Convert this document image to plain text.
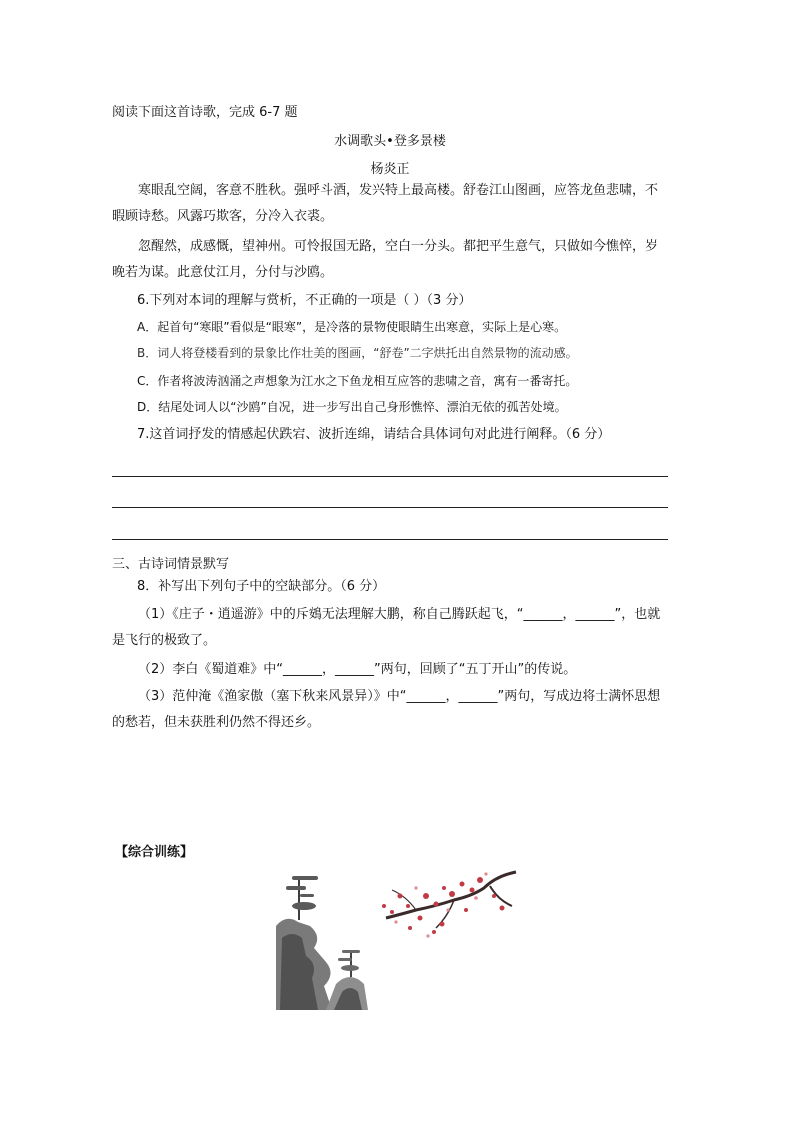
阅读下面这首诗歌，完成 6-7 题
水调歌头•登多景楼
杨炎正
寒眼乱空阔，客意不胜秋。强呼斗酒，发兴特上最高楼。舒卷江山图画，应答龙鱼悲啸，不暇顾诗愁。风露巧欺客，分冷入衣裘。
忽醒然，成感慨，望神州。可怜报国无路，空白一分头。都把平生意气，只做如今憔悴，岁晚若为谋。此意仗江月，分付与沙鸥。
6.下列对本词的理解与赏析，不正确的一项是（ ）（3 分）
A．起首句“寒眼”看似是“眼寒”，是冷落的景物使眼睛生出寒意，实际上是心寒。
B．词人将登楼看到的景象比作壮美的图画，“舒卷”二字烘托出自然景物的流动感。
C．作者将波涛汹涌之声想象为江水之下鱼龙相互应答的悲啸之音，寓有一番寄托。
D．结尾处词人以“沙鸥”自况，进一步写出自己身形憔悴、漂泊无依的孤苦处境。
7.这首词抒发的情感起伏跌宕、波折连绵，请结合具体词句对此进行阐释。（6 分）
三、古诗词情景默写
8．补写出下列句子中的空缺部分。（6 分）
（1）《庄子・逍遥游》中的斥鴳无法理解大鹏，称自己腾跃起飞，“______，______”，也就是飞行的极致了。
（2）李白《蜀道难》中“______，______”两句，回顾了“五丁开山”的传说。
（3）范仲淹《渔家傲（塞下秋来风景异）》中“______，______”两句，写成边将士满怀思想的愁若，但未获胜利仍然不得还乡。
【综合训练】
